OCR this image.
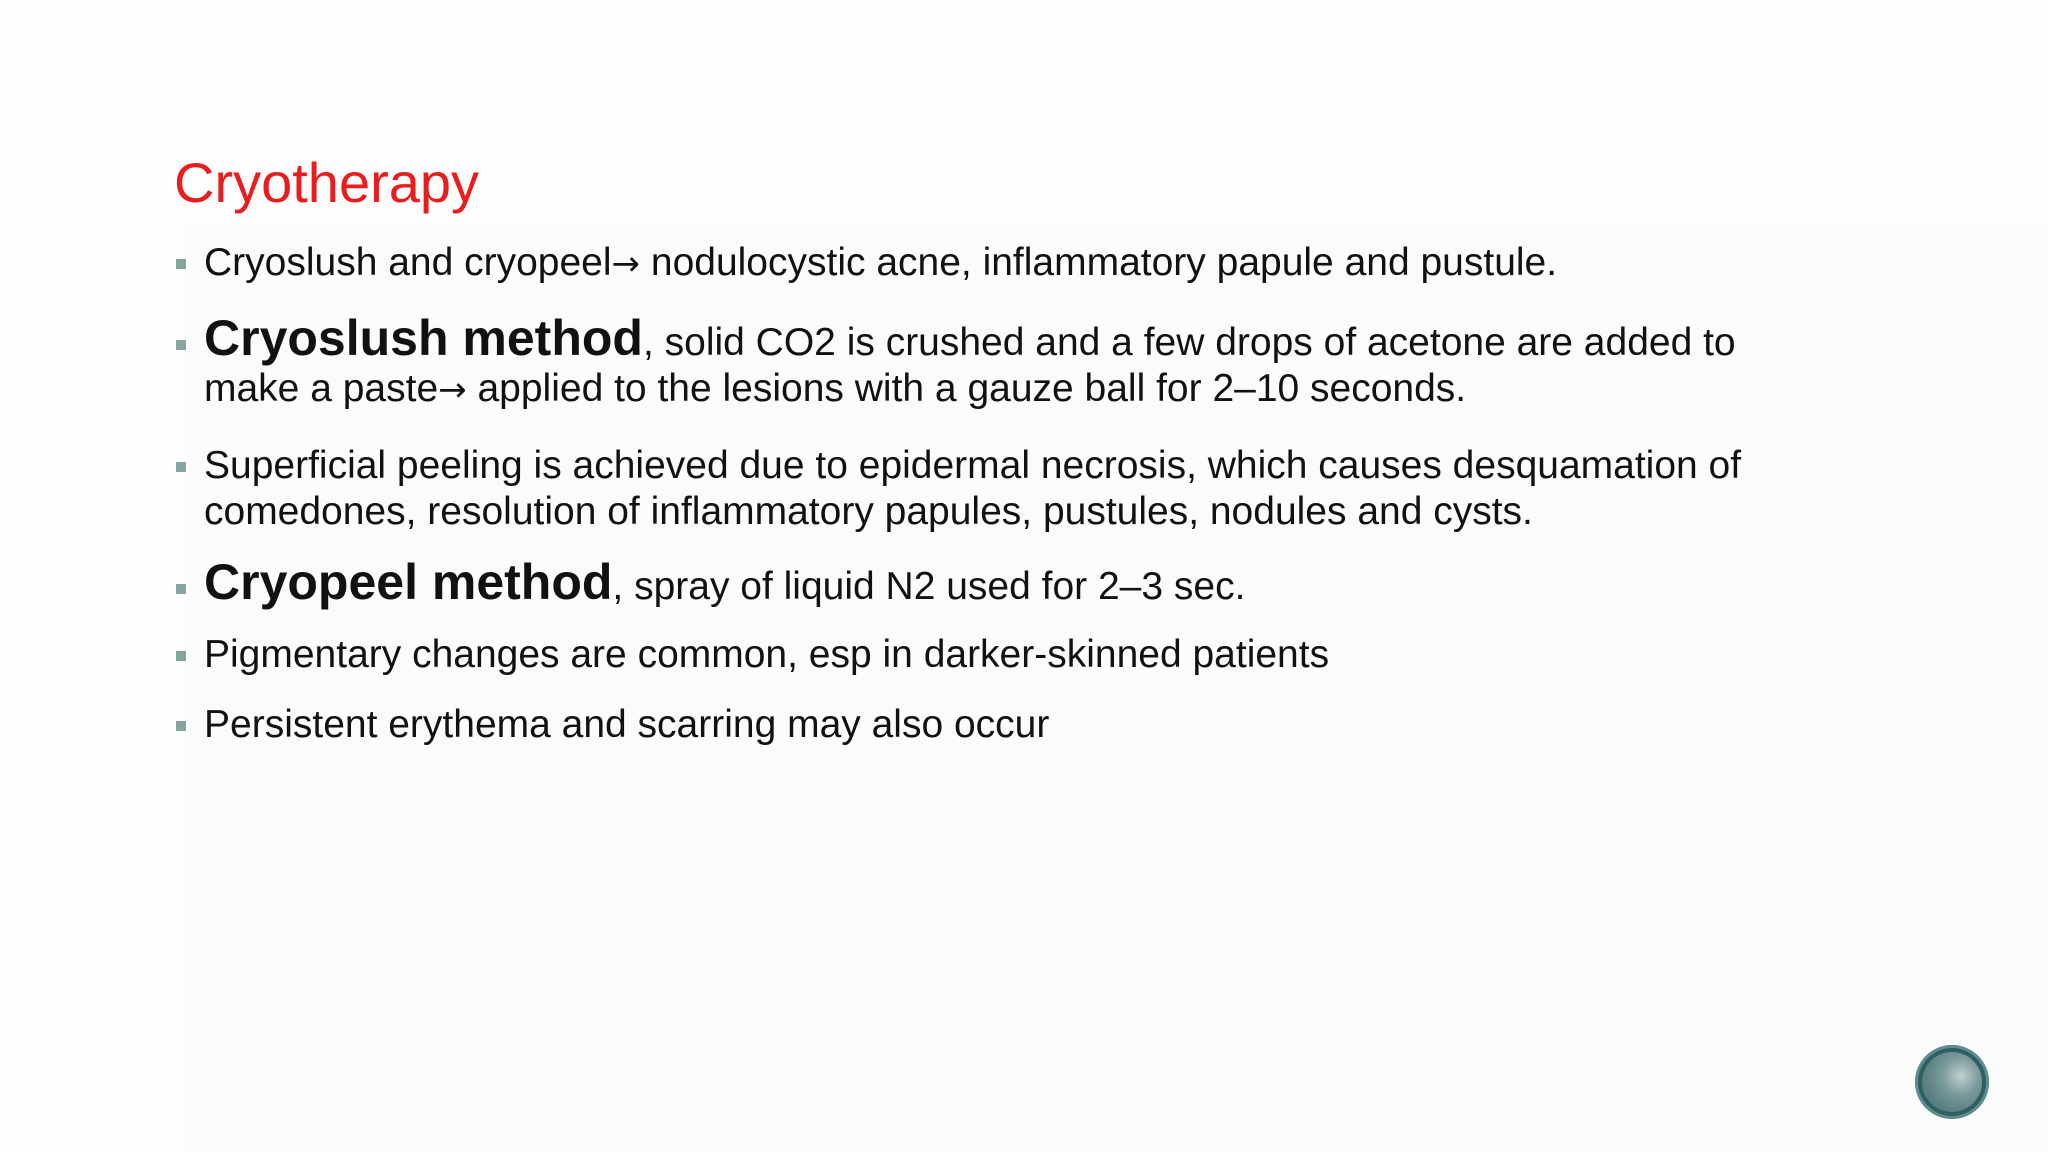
Cryotherapy
Cryoslush and cryopeel→ nodulocystic acne, inflammatory papule and pustule.
Cryoslush method, solid CO2 is crushed and a few drops of acetone are added to make a paste→ applied to the lesions with a gauze ball for 2–10 seconds.
Superficial peeling is achieved due to epidermal necrosis, which causes desquamation of comedones, resolution of inflammatory papules, pustules, nodules and cysts.
Cryopeel method, spray of liquid N2 used for 2–3 sec.
Pigmentary changes are common, esp in darker-skinned patients
Persistent erythema and scarring may also occur
